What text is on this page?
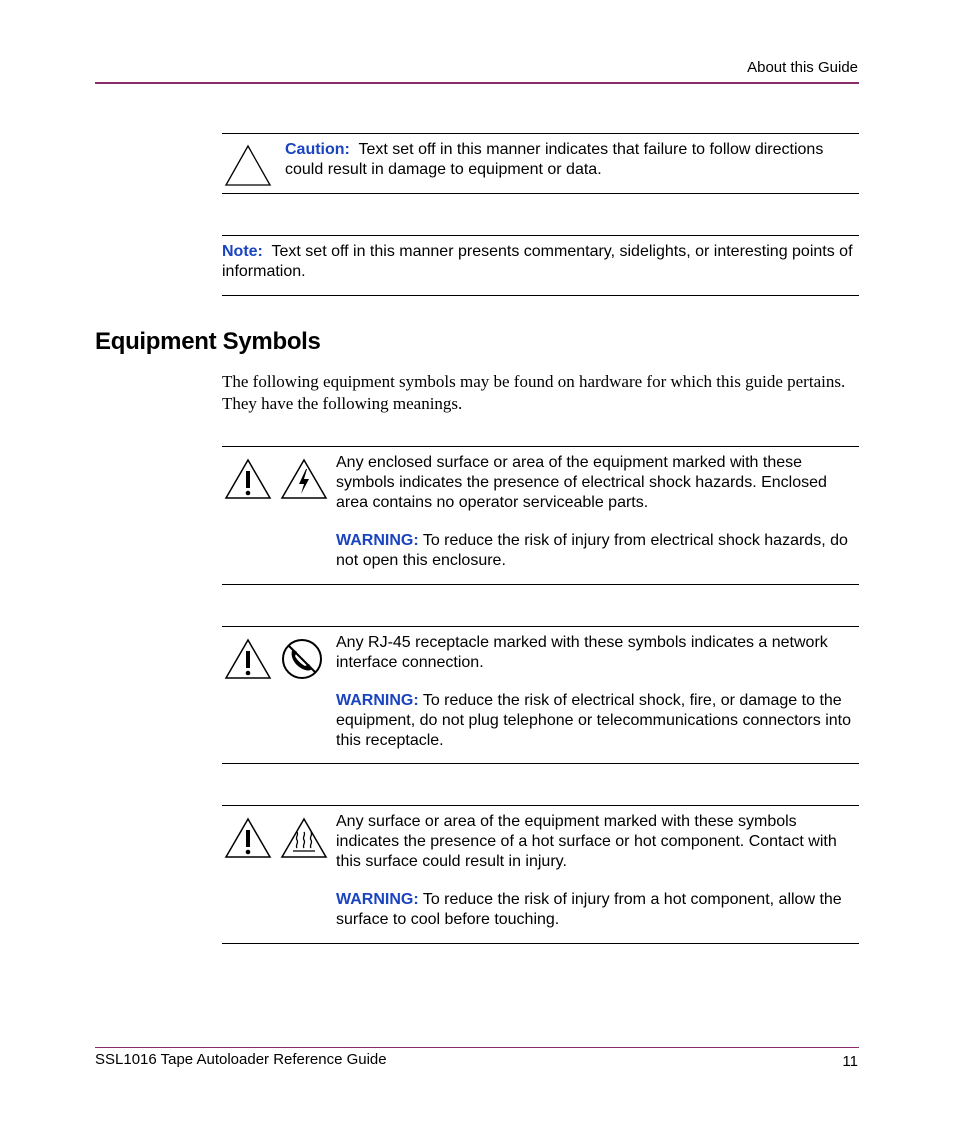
About this Guide
Caution: Text set off in this manner indicates that failure to follow directions could result in damage to equipment or data.
Note: Text set off in this manner presents commentary, sidelights, or interesting points of information.
Equipment Symbols
The following equipment symbols may be found on hardware for which this guide pertains. They have the following meanings.

Any enclosed surface or area of the equipment marked with these symbols indicates the presence of electrical shock hazards. Enclosed area contains no operator serviceable parts.

WARNING: To reduce the risk of injury from electrical shock hazards, do not open this enclosure.

Any RJ-45 receptacle marked with these symbols indicates a network interface connection.

WARNING: To reduce the risk of electrical shock, fire, or damage to the equipment, do not plug telephone or telecommunications connectors into this receptacle.

Any surface or area of the equipment marked with these symbols indicates the presence of a hot surface or hot component. Contact with this surface could result in injury.

WARNING: To reduce the risk of injury from a hot component, allow the surface to cool before touching.

SSL1016 Tape Autoloader Reference Guide	11
